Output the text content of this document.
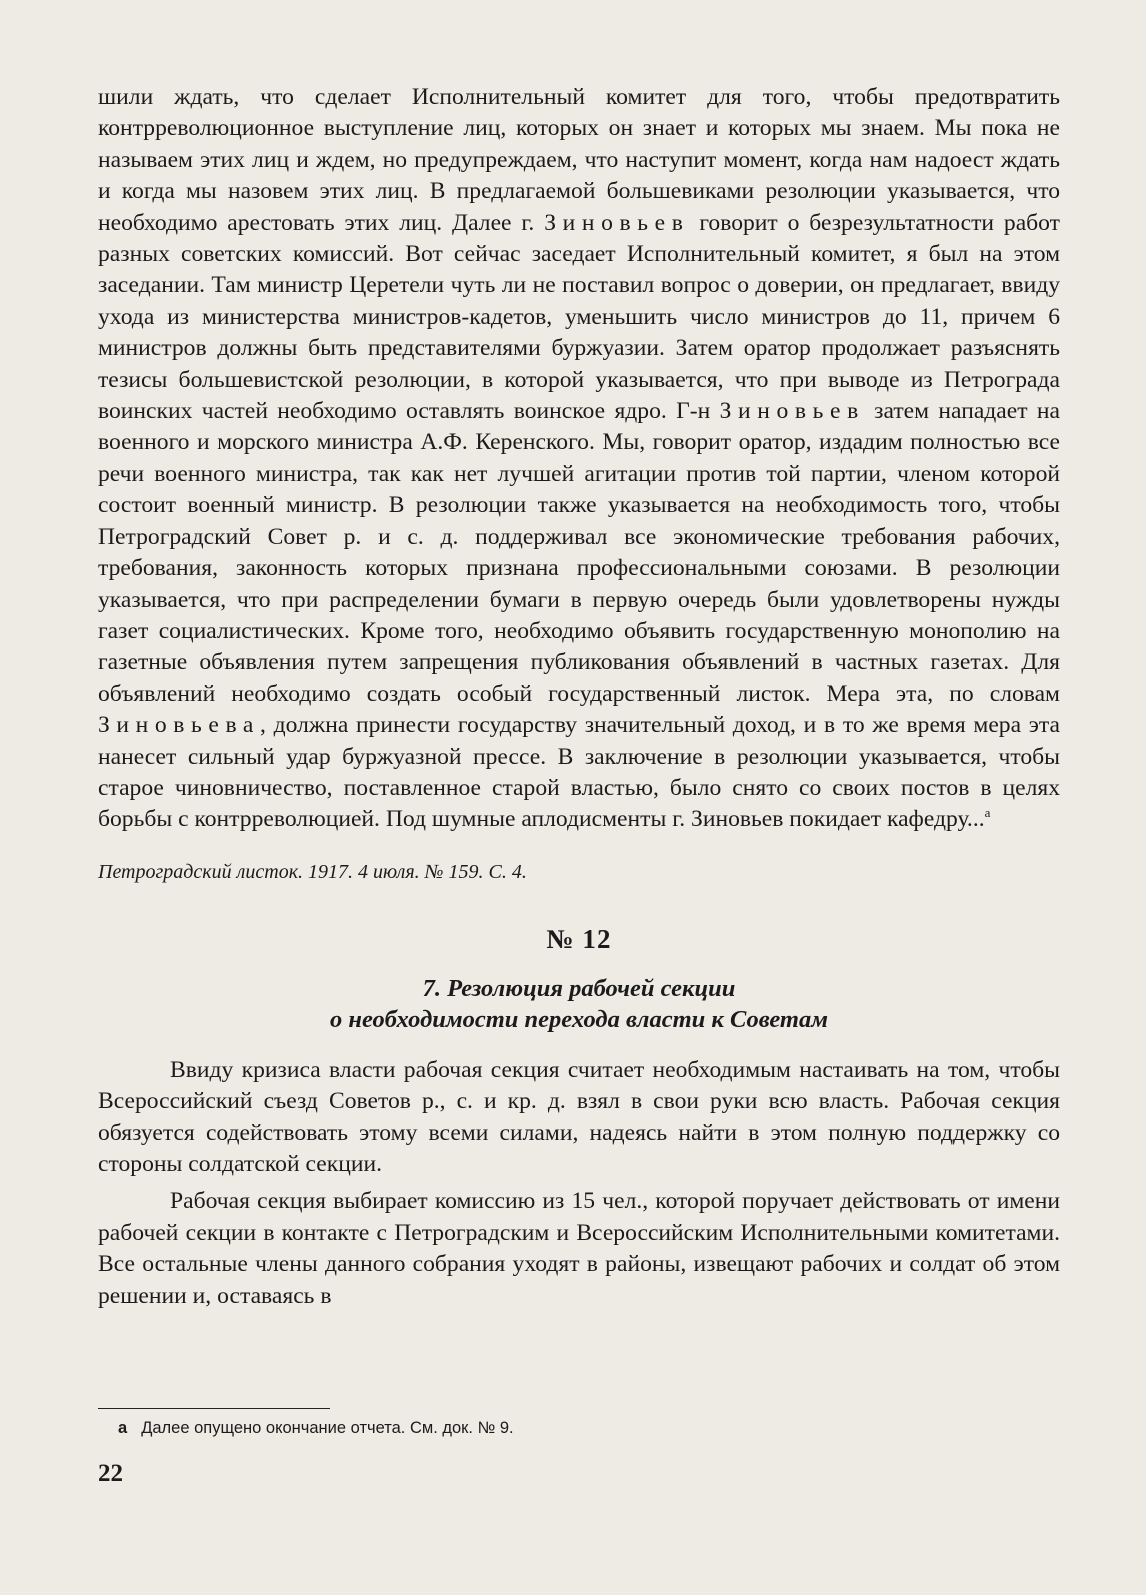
шили ждать, что сделает Исполнительный комитет для того, чтобы предотвратить контрреволюционное выступление лиц, которых он знает и которых мы знаем. Мы пока не называем этих лиц и ждем, но предупреждаем, что наступит момент, когда нам надоест ждать и когда мы назовем этих лиц. В предлагаемой большевиками резолюции указывается, что необходимо арестовать этих лиц. Далее г. Зиновьев говорит о безрезультатности работ разных советских комиссий. Вот сейчас заседает Исполнительный комитет, я был на этом заседании. Там министр Церетели чуть ли не поставил вопрос о доверии, он предлагает, ввиду ухода из министерства министров-кадетов, уменьшить число министров до 11, причем 6 министров должны быть представителями буржуазии. Затем оратор продолжает разъяснять тезисы большевистской резолюции, в которой указывается, что при выводе из Петрограда воинских частей необходимо оставлять воинское ядро. Г-н Зиновьев затем нападает на военного и морского министра А.Ф. Керенского. Мы, говорит оратор, издадим полностью все речи военного министра, так как нет лучшей агитации против той партии, членом которой состоит военный министр. В резолюции также указывается на необходимость того, чтобы Петроградский Совет р. и с. д. поддерживал все экономические требования рабочих, требования, законность которых признана профессиональными союзами. В резолюции указывается, что при распределении бумаги в первую очередь были удовлетворены нужды газет социалистических. Кроме того, необходимо объявить государственную монополию на газетные объявления путем запрещения публикования объявлений в частных газетах. Для объявлений необходимо создать особый государственный листок. Мера эта, по словам Зиновьева, должна принести государству значительный доход, и в то же время мера эта нанесет сильный удар буржуазной прессе. В заключение в резолюции указывается, чтобы старое чиновничество, поставленное старой властью, было снято со своих постов в целях борьбы с контрреволюцией. Под шумные аплодисменты г. Зиновьев покидает кафедру...$^а$

Петроградский листок. 1917. 4 июля. № 159. С. 4.
№ 12
7. Резолюция рабочей секции
о необходимости перехода власти к Советам

Ввиду кризиса власти рабочая секция считает необходимым настаивать на том, чтобы Всероссийский съезд Советов р., с. и кр. д. взял в свои руки всю власть. Рабочая секция обязуется содействовать этому всеми силами, надеясь найти в этом полную поддержку со стороны солдатской секции.

Рабочая секция выбирает комиссию из 15 чел., которой поручает действовать от имени рабочей секции в контакте с Петроградским и Всероссийским Исполнительными комитетами. Все остальные члены данного собрания уходят в районы, извещают рабочих и солдат об этом решении и, оставаясь в

а Далее опущено окончание отчета. См. док. № 9.
22
